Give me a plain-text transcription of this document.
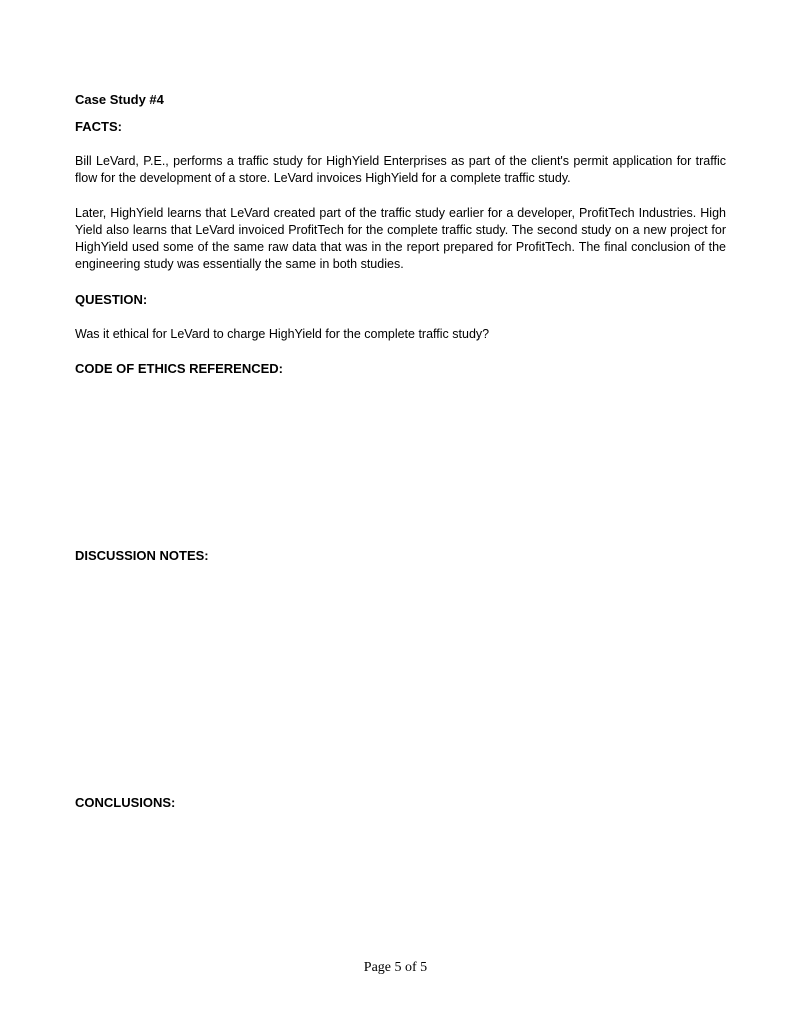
Case Study #4

FACTS:

Bill LeVard, P.E., performs a traffic study for HighYield Enterprises as part of the client's permit application for traffic flow for the development of a store. LeVard invoices HighYield for a complete traffic study.

Later, HighYield learns that LeVard created part of the traffic study earlier for a developer, ProfitTech Industries. High Yield also learns that LeVard invoiced ProfitTech for the complete traffic study. The second study on a new project for HighYield used some of the same raw data that was in the report prepared for ProfitTech. The final conclusion of the engineering study was essentially the same in both studies.

QUESTION:

Was it ethical for LeVard to charge HighYield for the complete traffic study?

CODE OF ETHICS REFERENCED:

DISCUSSION NOTES:

CONCLUSIONS:

Page 5 of 5
